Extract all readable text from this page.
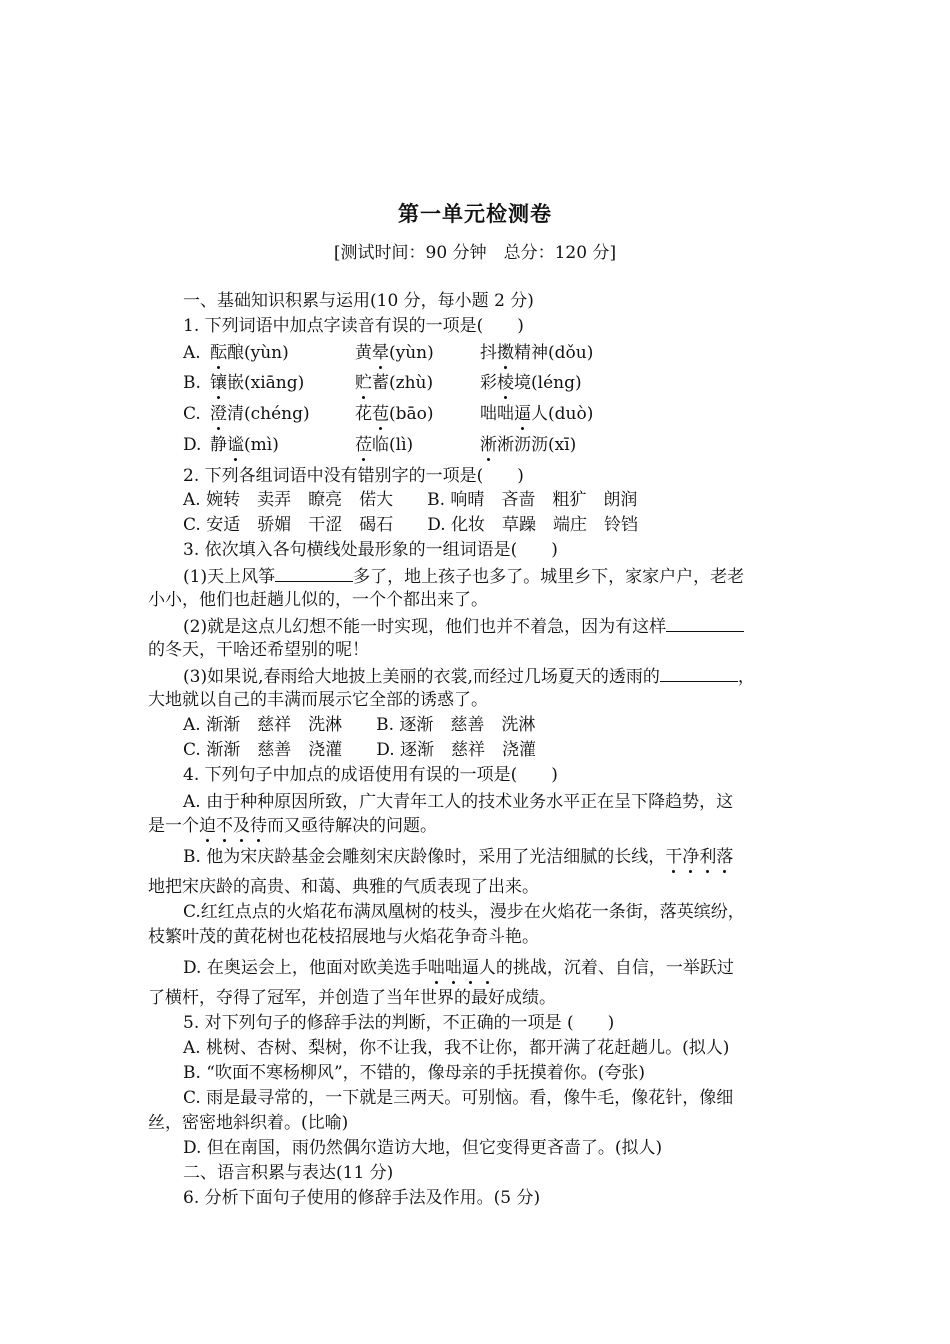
第一单元检测卷
[测试时间：90 分钟　总分：120 分]
一、基础知识积累与运用(10 分，每小题 2 分)
1. 下列词语中加点字读音有误的一项是(　　)
A. 酝酿(yùn)	黄晕(yùn)	抖擞精神(dǒu)
B. 镶嵌(xiāng)	贮蓄(zhù)	彩棱境(léng)
C. 澄清(chéng)	花苞(bāo)	咄咄逼人(duò)
D. 静谧(mì)	莅临(lì)	淅淅沥沥(xī)
2. 下列各组词语中没有错别字的一项是(　　)
A. 婉转　卖弄　瞭亮　偌大　　B. 响晴　吝啬　粗犷　朗润
C. 安适　骄媚　干涩　碣石　　D. 化妆　草躁　端庄　铃铛
3. 依次填入各句横线处最形象的一组词语是(　　)
(1)天上风筝	多了，地上孩子也多了。城里乡下，家家户户，老老
小小，他们也赶趟儿似的，一个个都出来了。
(2)就是这点儿幻想不能一时实现，他们也并不着急，因为有这样
的冬天，干啥还希望别的呢！
(3)如果说,春雨给大地披上美丽的衣裳,而经过几场夏天的透雨的	，
大地就以自己的丰满而展示它全部的诱惑了。
A. 渐渐　慈祥　洗淋　　B. 逐渐　慈善　洗淋
C. 渐渐　慈善　浇灌　　D. 逐渐　慈祥　浇灌
4. 下列句子中加点的成语使用有误的一项是(　　)
A. 由于种种原因所致，广大青年工人的技术业务水平正在呈下降趋势，这
是一个迫不及待而又亟待解决的问题。
B. 他为宋庆龄基金会雕刻宋庆龄像时，采用了光洁细腻的长线，干净利落
地把宋庆龄的高贵、和蔼、典雅的气质表现了出来。
C.红红点点的火焰花布满凤凰树的枝头，漫步在火焰花一条街，落英缤纷，
枝繁叶茂的黄花树也花枝招展地与火焰花争奇斗艳。
D. 在奥运会上，他面对欧美选手咄咄逼人的挑战，沉着、自信，一举跃过
了横杆，夺得了冠军，并创造了当年世界的最好成绩。
5. 对下列句子的修辞手法的判断，不正确的一项是 (　　)
A. 桃树、杏树、梨树，你不让我，我不让你，都开满了花赶趟儿。(拟人)
B. “吹面不寒杨柳风”，不错的，像母亲的手抚摸着你。(夸张)
C. 雨是最寻常的，一下就是三两天。可别恼。看，像牛毛，像花针，像细
丝，密密地斜织着。(比喻)
D. 但在南国，雨仍然偶尔造访大地，但它变得更吝啬了。(拟人)
二、语言积累与表达(11 分)
6. 分析下面句子使用的修辞手法及作用。(5 分)
